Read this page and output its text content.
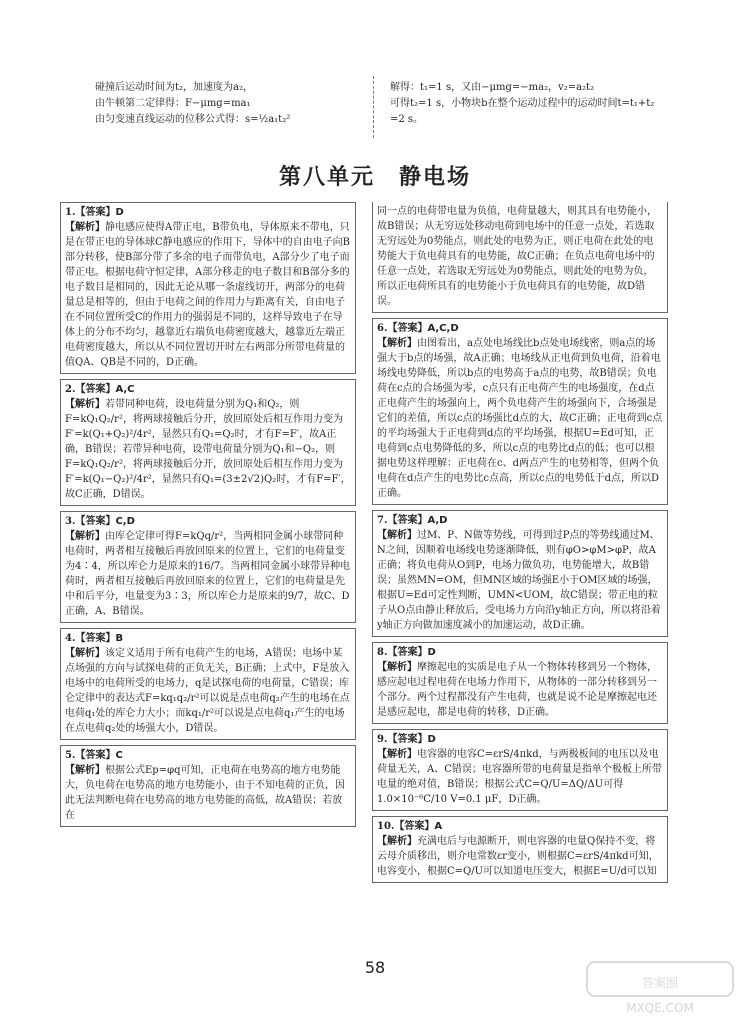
碰撞后运动时间为t₂，加速度为a₂，

由牛顿第二定律得：F−μmg=ma₁

由匀变速直线运动的位移公式得：s=½a₁t₂²

解得：t₁=1 s，又由−μmg=−ma₂，v₂=a₂t₂

可得t₂=1 s，小物块b在整个运动过程中的运动时间t=t₁+t₂

=2 s。

第八单元 静电场
1.【答案】D
【解析】静电感应使得A带正电，B带负电，导体原来不带电，只是在带正电的导体球C静电感应的作用下，导体中的自由电子向B部分转移，使B部分带了多余的电子而带负电，A部分少了电子而带正电。根据电荷守恒定律，A部分移走的电子数目和B部分多的电子数目是相同的，因此无论从哪一条虚线切开，两部分的电荷量总是相等的，但由于电荷之间的作用力与距离有关，自由电子在不同位置所受C的作用力的强弱是不同的，这样导致电子在导体上的分布不均匀，越靠近右端负电荷密度越大，越靠近左端正电荷密度越大，所以从不同位置切开时左右两部分所带电荷量的值QA、QB是不同的，D正确。
2.【答案】A,C
【解析】若带同种电荷，设电荷量分别为Q₁和Q₂，则F=kQ₁Q₂/r²，将两球接触后分开，放回原处后相互作用力变为F′=k(Q₁+Q₂)²/4r²，显然只有Q₁=Q₂时，才有F=F′，故A正确，B错误；若带异种电荷，设带电荷量分别为Q₁和−Q₂，则F=kQ₁Q₂/r²，将两球接触后分开，放回原处后相互作用力变为F′=k(Q₁−Q₂)²/4r²，显然只有Q₁=(3±2√2)Q₂时，才有F=F′，故C正确，D错误。
3.【答案】C,D
【解析】由库仑定律可得F=kQq/r²，当两相同金属小球带同种电荷时，两者相互接触后再放回原来的位置上，它们的电荷量变为4∶4，所以库仑力是原来的16/7。当两相同金属小球带异种电荷时，两者相互接触后再放回原来的位置上，它们的电荷量是先中和后平分，电量变为3∶3，所以库仑力是原来的9/7，故C、D正确，A、B错误。
4.【答案】B
【解析】该定义适用于所有电荷产生的电场，A错误；电场中某点场强的方向与试探电荷的正负无关，B正确；上式中，F是放入电场中的电荷所受的电场力，q是试探电荷的电荷量，C错误；库仑定律中的表达式F=kq₁q₂/r²可以说是点电荷q₂产生的电场在点电荷q₁处的库仑力大小；而kq₁/r²可以说是点电荷q₁产生的电场在点电荷q₂处的场强大小，D错误。
5.【答案】C
【解析】根据公式Ep=φq可知，正电荷在电势高的地方电势能大，负电荷在电势高的地方电势能小，由于不知电荷的正负，因此无法判断电荷在电势高的地方电势能的高低，故A错误；若放在
同一点的电荷带电量为负值，电荷量越大，则其具有电势能小，故B错误；从无穷远处移动电荷到电场中的任意一点处，若选取无穷远处为0势能点，则此处的电势为正，则正电荷在此处的电势能大于负电荷具有的电势能，故C正确；在负点电荷电场中的任意一点处，若选取无穷远处为0势能点，则此处的电势为负，所以正电荷所具有的电势能小于负电荷具有的电势能，故D错误。
6.【答案】A,C,D
【解析】由图看出，a点处电场线比b点处电场线密，则a点的场强大于b点的场强，故A正确；电场线从正电荷到负电荷，沿着电场线电势降低，所以b点的电势高于a点的电势，故B错误；负电荷在c点的合场强为零，c点只有正电荷产生的电场强度，在d点正电荷产生的场强向上，两个负电荷产生的场强向下，合场强是它们的差值，所以c点的场强比d点的大，故C正确；正电荷到c点的平均场强大于正电荷到d点的平均场强，根据U=Ed可知，正电荷到c点电势降低的多，所以c点的电势比d点的低；也可以根据电势这样理解：正电荷在c、d两点产生的电势相等，但两个负电荷在d点产生的电势比c点高，所以c点的电势低于d点，所以D正确。
7.【答案】A,D
【解析】过M、P、N做等势线，可得到过P点的等势线通过M、N之间，因顺着电场线电势逐渐降低，则有φO>φM>φP，故A正确；将负电荷从O到P，电场力做负功，电势能增大，故B错误；虽然MN=OM，但MN区域的场强E小于OM区域的场强，根据U=Ed可定性判断，UMN<UOM，故C错误；带正电的粒子从O点由静止释放后，受电场力方向沿y轴正方向，所以将沿着y轴正方向做加速度减小的加速运动，故D正确。
8.【答案】D
【解析】摩擦起电的实质是电子从一个物体转移到另一个物体，感应起电过程电荷在电场力作用下，从物体的一部分转移到另一个部分。两个过程都没有产生电荷，也就是说不论是摩擦起电还是感应起电，都是电荷的转移，D正确。
9.【答案】D
【解析】电容器的电容C=εrS/4πkd，与两极板间的电压以及电荷量无关，A、C错误；电容器所带的电荷量是指单个极板上所带电量的绝对值，B错误；根据公式C=Q/U=ΔQ/ΔU可得1.0×10⁻⁶C/10 V=0.1 μF，D正确。
10.【答案】A
【解析】充满电后与电源断开，则电容器的电量Q保持不变，将云母介质移出，则介电常数εr变小，则根据C=εrS/4πkd可知，电容变小，根据C=Q/U可以知道电压变大，根据E=U/d可以知
58
答案圈
MXQE.COM
